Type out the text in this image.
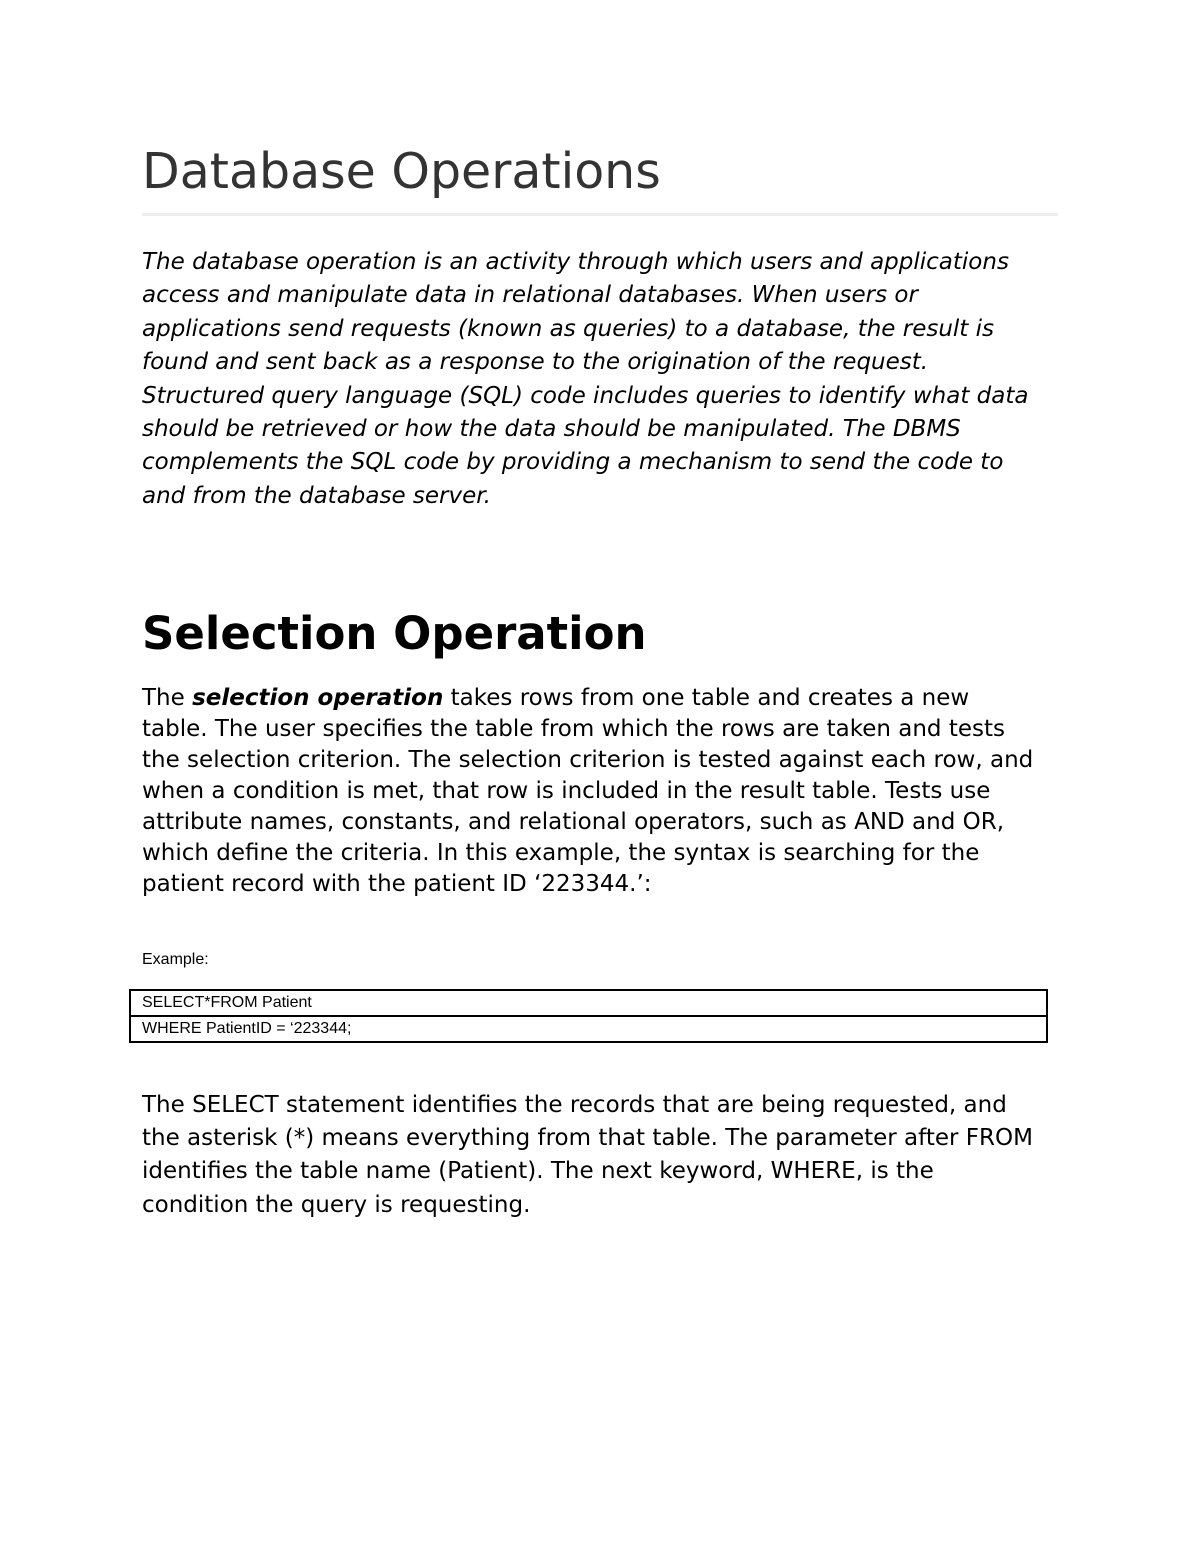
Database Operations

The database operation is an activity through which users and applications access and manipulate data in relational databases. When users or applications send requests (known as queries) to a database, the result is found and sent back as a response to the origination of the request. Structured query language (SQL) code includes queries to identify what data should be retrieved or how the data should be manipulated. The DBMS complements the SQL code by providing a mechanism to send the code to and from the database server.

Selection Operation

The selection operation takes rows from one table and creates a new table. The user specifies the table from which the rows are taken and tests the selection criterion. The selection criterion is tested against each row, and when a condition is met, that row is included in the result table. Tests use attribute names, constants, and relational operators, such as AND and OR, which define the criteria. In this example, the syntax is searching for the patient record with the patient ID ‘223344.’:

Example:

SELECT*FROM Patient
WHERE PatientID = ‘223344;

The SELECT statement identifies the records that are being requested, and the asterisk (*) means everything from that table. The parameter after FROM identifies the table name (Patient). The next keyword, WHERE, is the condition the query is requesting.
